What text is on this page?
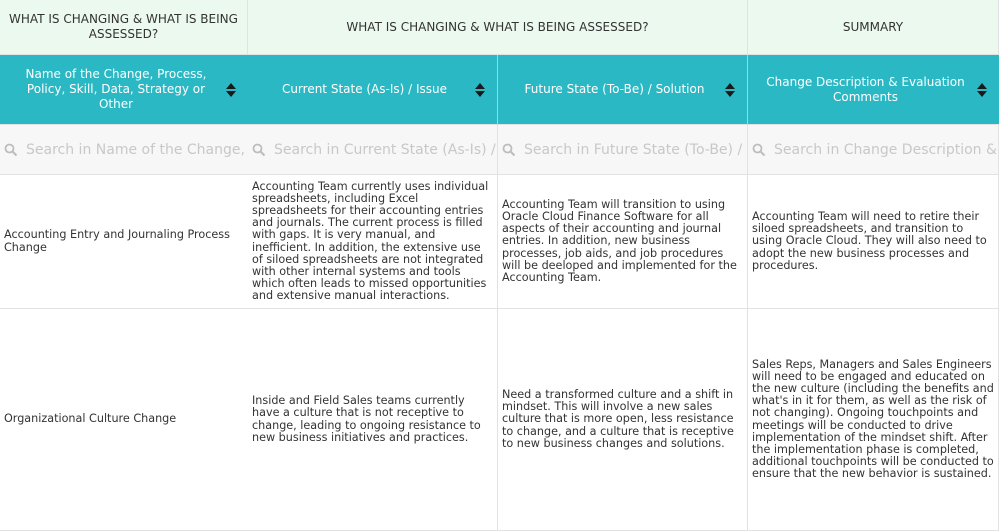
WHAT IS CHANGING & WHAT IS BEING ASSESSED?
WHAT IS CHANGING & WHAT IS BEING ASSESSED?	SUMMARY
Name of the Change, Process, Policy, Skill, Data, Strategy or Other
Current State (As-Is) / Issue	Future State (To-Be) / Solution
Change Description & Evaluation Comments
Search in Name of the Change, Process, Policy, Skill, Data, Strategy or Other
Search in Current State (As-Is) / Issue
Search in Future State (To-Be) / Solution
Search in Change Description & Evaluation Comments
Accounting Entry and Journaling Process Change
Accounting Team currently uses individual spreadsheets, including Excel spreadsheets for their accounting entries and journals. The current process is filled with gaps. It is very manual, and inefficient. In addition, the extensive use of siloed spreadsheets are not integrated with other internal systems and tools which often leads to missed opportunities and extensive manual interactions.
Accounting Team will transition to using Oracle Cloud Finance Software for all aspects of their accounting and journal entries. In addition, new business processes, job aids, and job procedures will be deeloped and implemented for the Accounting Team.
Accounting Team will need to retire their siloed spreadsheets, and transition to using Oracle Cloud. They will also need to adopt the new business processes and procedures.
Organizational Culture Change
Inside and Field Sales teams currently have a culture that is not receptive to change, leading to ongoing resistance to new business initiatives and practices.
Need a transformed culture and a shift in mindset. This will involve a new sales culture that is more open, less resistance to change, and a culture that is receptive to new business changes and solutions.
Sales Reps, Managers and Sales Engineers will need to be engaged and educated on the new culture (including the benefits and what's in it for them, as well as the risk of not changing). Ongoing touchpoints and meetings will be conducted to drive implementation of the mindset shift. After the implementation phase is completed, additional touchpoints will be conducted to ensure that the new behavior is sustained.
